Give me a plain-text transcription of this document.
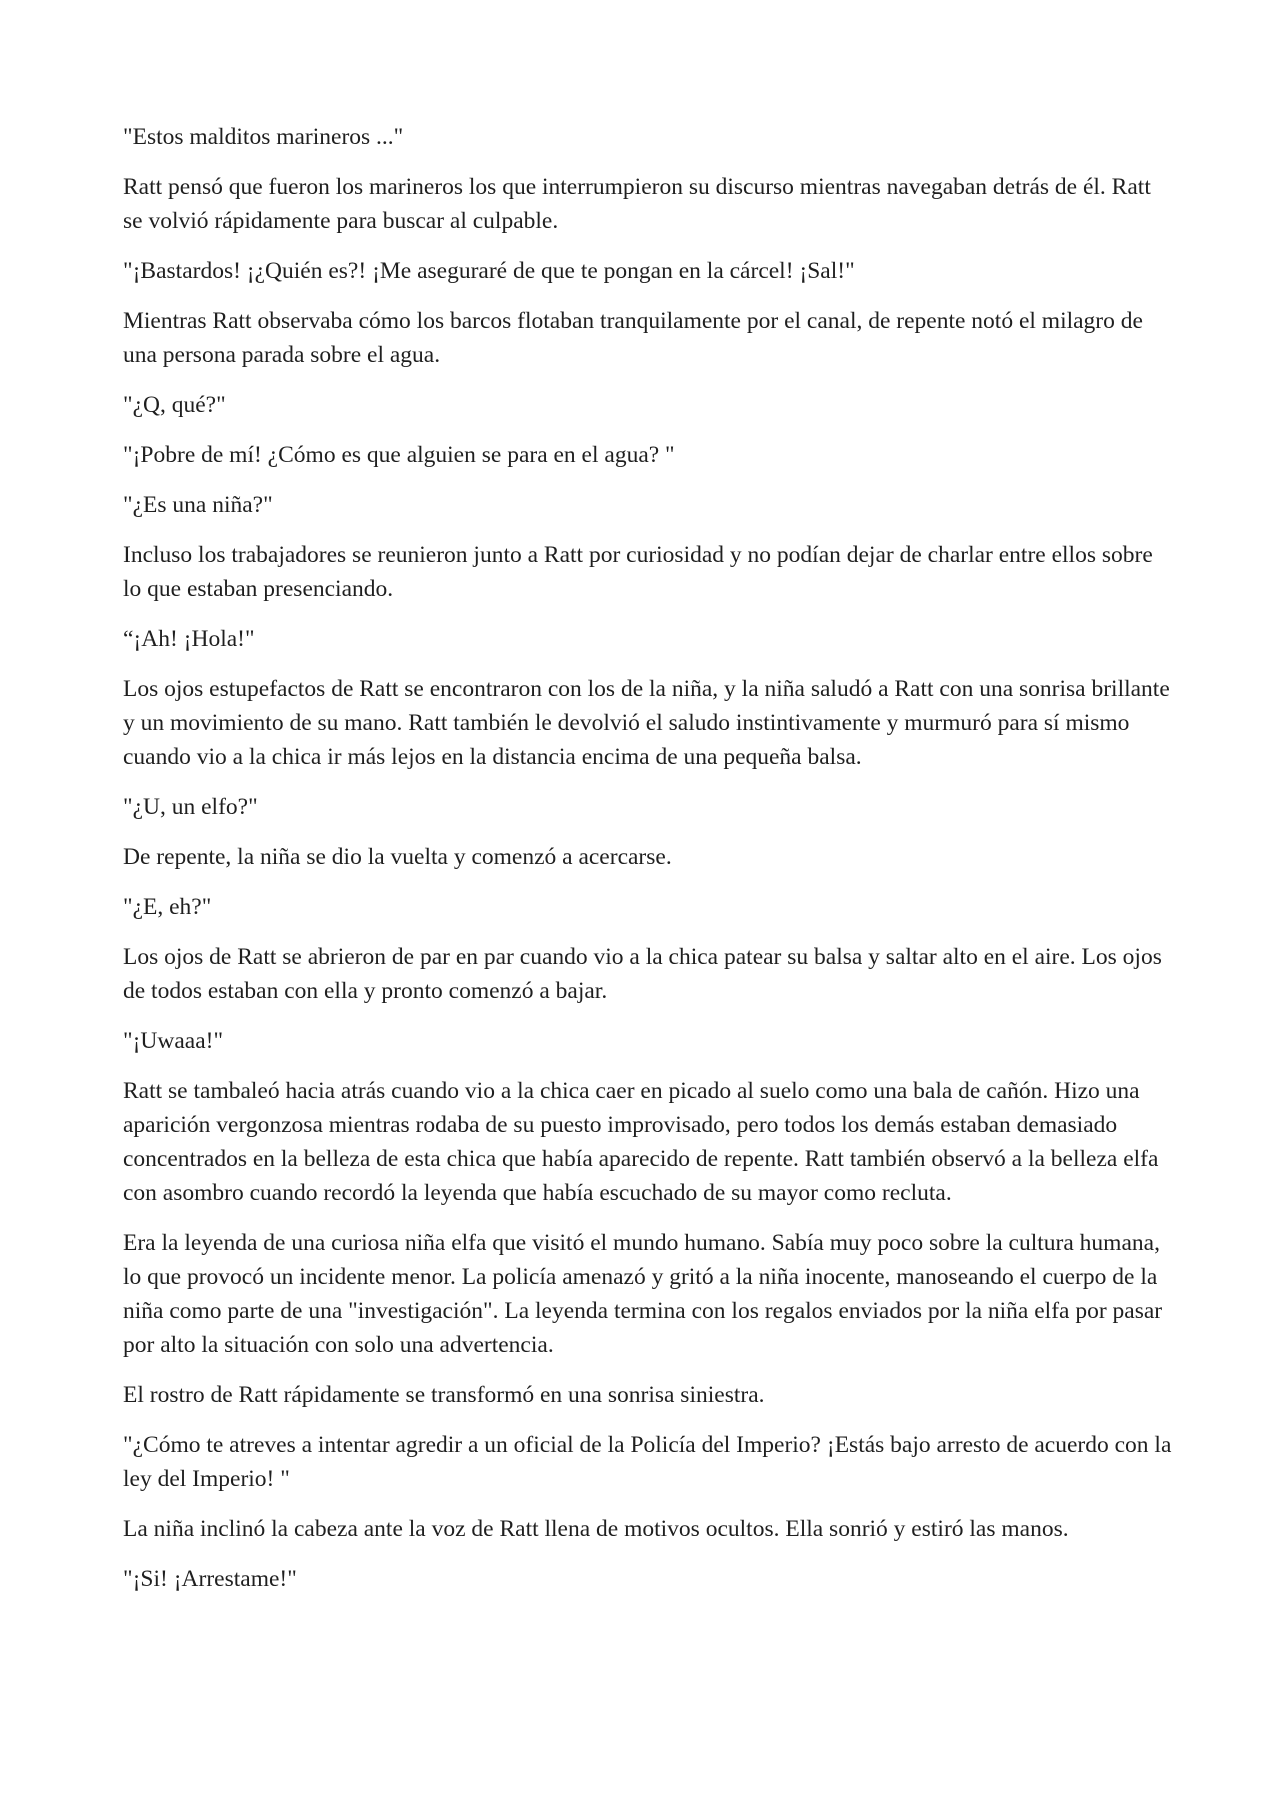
"Estos malditos marineros ..."

Ratt pensó que fueron los marineros los que interrumpieron su discurso mientras navegaban detrás de él. Ratt se volvió rápidamente para buscar al culpable.

"¡Bastardos! ¡¿Quién es?! ¡Me aseguraré de que te pongan en la cárcel! ¡Sal!"

Mientras Ratt observaba cómo los barcos flotaban tranquilamente por el canal, de repente notó el milagro de una persona parada sobre el agua.

"¿Q, qué?"

"¡Pobre de mí! ¿Cómo es que alguien se para en el agua? "

"¿Es una niña?"

Incluso los trabajadores se reunieron junto a Ratt por curiosidad y no podían dejar de charlar entre ellos sobre lo que estaban presenciando.

“¡Ah! ¡Hola!"

Los ojos estupefactos de Ratt se encontraron con los de la niña, y la niña saludó a Ratt con una sonrisa brillante y un movimiento de su mano. Ratt también le devolvió el saludo instintivamente y murmuró para sí mismo cuando vio a la chica ir más lejos en la distancia encima de una pequeña balsa.

"¿U, un elfo?"

De repente, la niña se dio la vuelta y comenzó a acercarse.

"¿E, eh?"

Los ojos de Ratt se abrieron de par en par cuando vio a la chica patear su balsa y saltar alto en el aire. Los ojos de todos estaban con ella y pronto comenzó a bajar.

"¡Uwaaa!"

Ratt se tambaleó hacia atrás cuando vio a la chica caer en picado al suelo como una bala de cañón. Hizo una aparición vergonzosa mientras rodaba de su puesto improvisado, pero todos los demás estaban demasiado concentrados en la belleza de esta chica que había aparecido de repente. Ratt también observó a la belleza elfa con asombro cuando recordó la leyenda que había escuchado de su mayor como recluta.

Era la leyenda de una curiosa niña elfa que visitó el mundo humano. Sabía muy poco sobre la cultura humana, lo que provocó un incidente menor. La policía amenazó y gritó a la niña inocente, manoseando el cuerpo de la niña como parte de una "investigación". La leyenda termina con los regalos enviados por la niña elfa por pasar por alto la situación con solo una advertencia.

El rostro de Ratt rápidamente se transformó en una sonrisa siniestra.

"¿Cómo te atreves a intentar agredir a un oficial de la Policía del Imperio? ¡Estás bajo arresto de acuerdo con la ley del Imperio! "

La niña inclinó la cabeza ante la voz de Ratt llena de motivos ocultos. Ella sonrió y estiró las manos.

"¡Si! ¡Arrestame!"
